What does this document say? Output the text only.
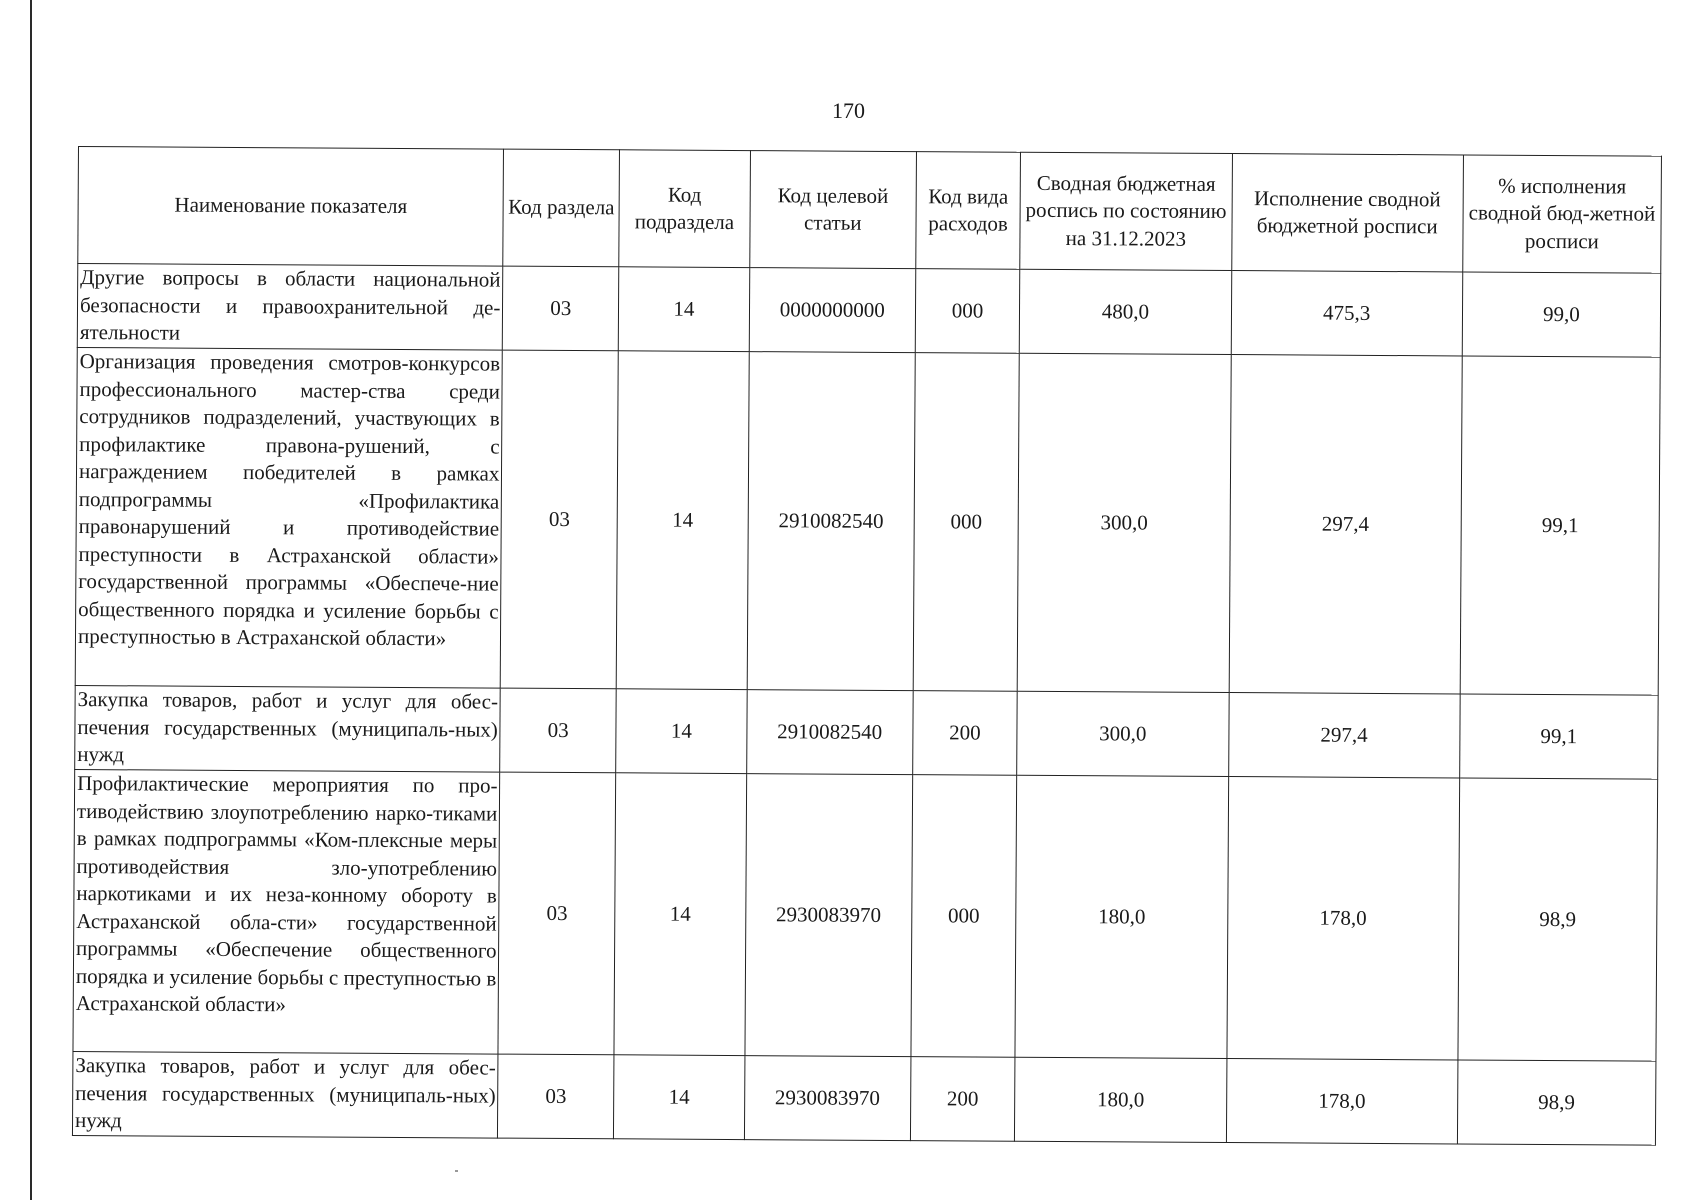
170
Наименование показателя	Код раздела	Код подраздела	Код целевой статьи	Код вида расходов	Сводная бюджетная роспись по состоянию на 31.12.2023	Исполнение сводной бюджетной росписи	% исполнения сводной бюд-жетной росписи

Другие вопросы в области национальной безопасности и правоохранительной де-ятельности	03	14	0000000000	000	480,0	475,3	99,0

Организация проведения смотров-конкурсов профессионального мастер-ства среди сотрудников подразделений, участвующих в профилактике правона-рушений, с награждением победителей в рамках подпрограммы «Профилактика правонарушений и противодействие преступности в Астраханской области» государственной программы «Обеспече-ние общественного порядка и усиление борьбы с преступностью в Астраханской области»	03	14	2910082540	000	300,0	297,4	99,1

Закупка товаров, работ и услуг для обес-печения государственных (муниципаль-ных) нужд	03	14	2910082540	200	300,0	297,4	99,1

Профилактические мероприятия по про-тиводействию злоупотреблению нарко-тиками в рамках подпрограммы «Ком-плексные меры противодействия зло-употреблению наркотиками и их неза-конному обороту в Астраханской обла-сти» государственной программы «Обеспечение общественного порядка и усиление борьбы с преступностью в Астраханской области»	03	14	2930083970	000	180,0	178,0	98,9

Закупка товаров, работ и услуг для обес-печения государственных (муниципаль-ных) нужд	03	14	2930083970	200	180,0	178,0	98,9
